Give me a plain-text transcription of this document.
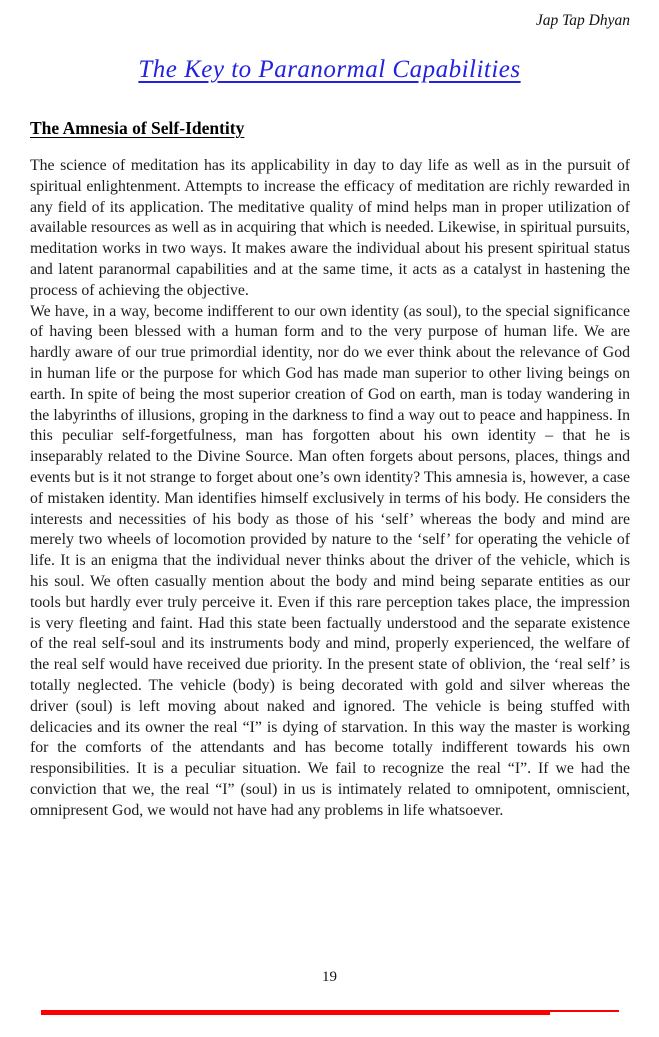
Jap Tap Dhyan
The Key to Paranormal Capabilities
The Amnesia of Self-Identity

The science of meditation has its applicability in day to day life as well as in the pursuit of spiritual enlightenment. Attempts to increase the efficacy of meditation are richly rewarded in any field of its application. The meditative quality of mind helps man in proper utilization of available resources as well as in acquiring that which is needed. Likewise, in spiritual pursuits, meditation works in two ways. It makes aware the individual about his present spiritual status and latent paranormal capabilities and at the same time, it acts as a catalyst in hastening the process of achieving the objective.

We have, in a way, become indifferent to our own identity (as soul), to the special significance of having been blessed with a human form and to the very purpose of human life. We are hardly aware of our true primordial identity, nor do we ever think about the relevance of God in human life or the purpose for which God has made man superior to other living beings on earth. In spite of being the most superior creation of God on earth, man is today wandering in the labyrinths of illusions, groping in the darkness to find a way out to peace and happiness. In this peculiar self-forgetfulness, man has forgotten about his own identity – that he is inseparably related to the Divine Source. Man often forgets about persons, places, things and events but is it not strange to forget about one’s own identity? This amnesia is, however, a case of mistaken identity. Man identifies himself exclusively in terms of his body. He considers the interests and necessities of his body as those of his ‘self’ whereas the body and mind are merely two wheels of locomotion provided by nature to the ‘self’ for operating the vehicle of life. It is an enigma that the individual never thinks about the driver of the vehicle, which is his soul. We often casually mention about the body and mind being separate entities as our tools but hardly ever truly perceive it. Even if this rare perception takes place, the impression is very fleeting and faint. Had this state been factually understood and the separate existence of the real self-soul and its instruments body and mind, properly experienced, the welfare of the real self would have received due priority. In the present state of oblivion, the ‘real self’ is totally neglected. The vehicle (body) is being decorated with gold and silver whereas the driver (soul) is left moving about naked and ignored. The vehicle is being stuffed with delicacies and its owner the real “I” is dying of starvation. In this way the master is working for the comforts of the attendants and has become totally indifferent towards his own responsibilities. It is a peculiar situation. We fail to recognize the real “I”. If we had the conviction that we, the real “I” (soul) in us is intimately related to omnipotent, omniscient, omnipresent God, we would not have had any problems in life whatsoever.

19
